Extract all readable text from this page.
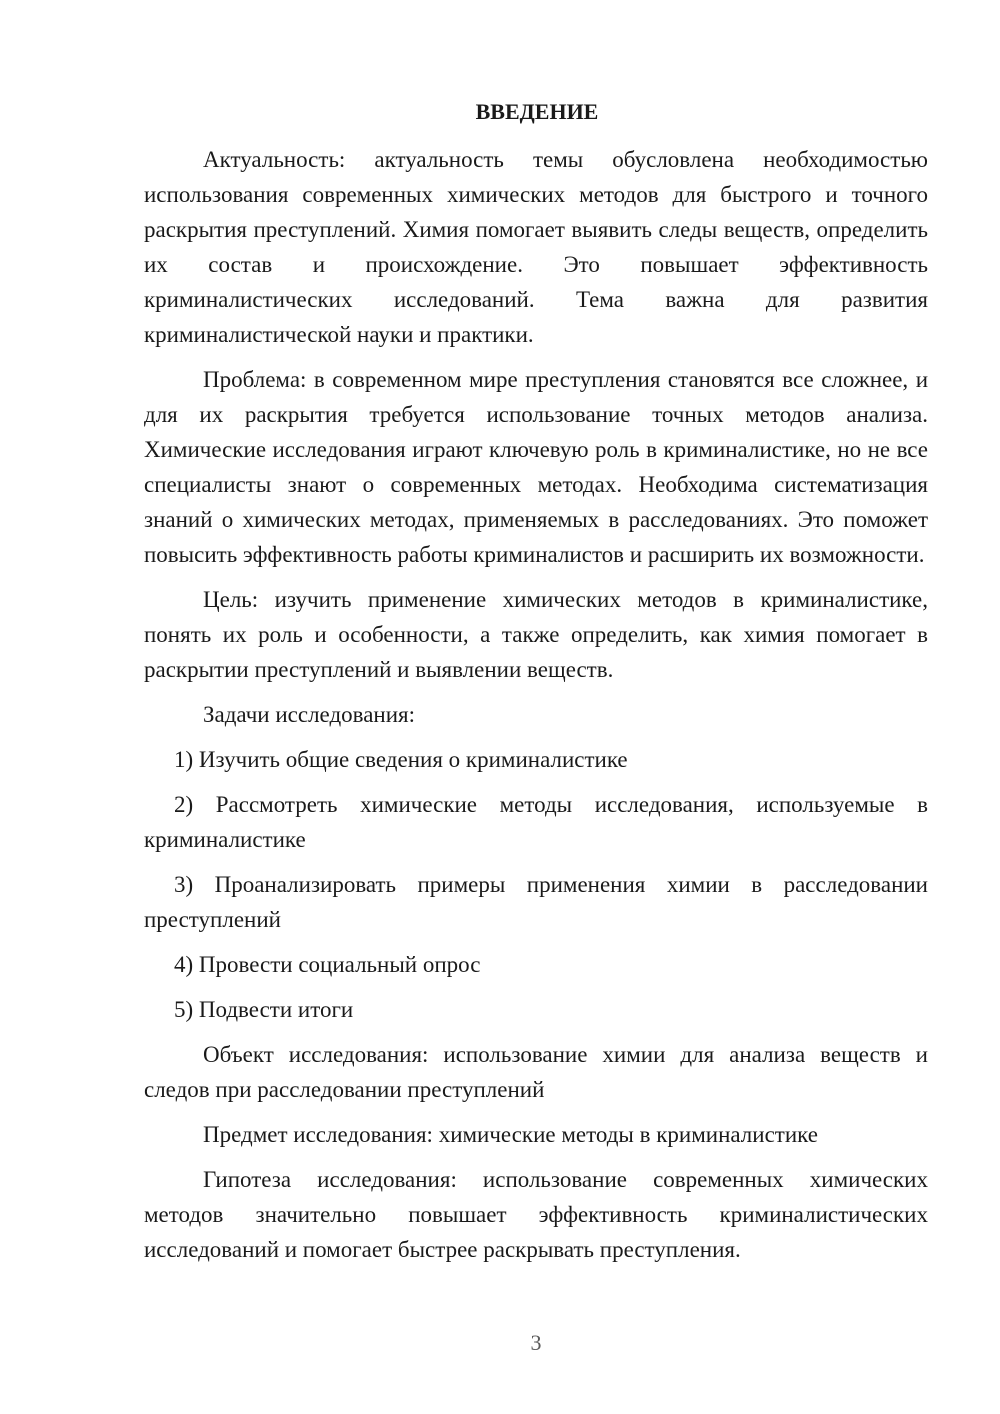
ВВЕДЕНИЕ

Актуальность: актуальность темы обусловлена необходимостью использования современных химических методов для быстрого и точного раскрытия преступлений. Химия помогает выявить следы веществ, определить их состав и происхождение. Это повышает эффективность криминалистических исследований. Тема важна для развития криминалистической науки и практики.

Проблема: в современном мире преступления становятся все сложнее, и для их раскрытия требуется использование точных методов анализа. Химические исследования играют ключевую роль в криминалистике, но не все специалисты знают о современных методах. Необходима систематизация знаний о химических методах, применяемых в расследованиях. Это поможет повысить эффективность работы криминалистов и расширить их возможности.

Цель: изучить применение химических методов в криминалистике, понять их роль и особенности, а также определить, как химия помогает в раскрытии преступлений и выявлении веществ.

Задачи исследования:

1) Изучить общие сведения о криминалистике

2) Рассмотреть химические методы исследования, используемые в криминалистике

3) Проанализировать примеры применения химии в расследовании преступлений

4) Провести социальный опрос

5) Подвести итоги

Объект исследования: использование химии для анализа веществ и следов при расследовании преступлений

Предмет исследования: химические методы в криминалистике

Гипотеза исследования: использование современных химических методов значительно повышает эффективность криминалистических исследований и помогает быстрее раскрывать преступления.

3
